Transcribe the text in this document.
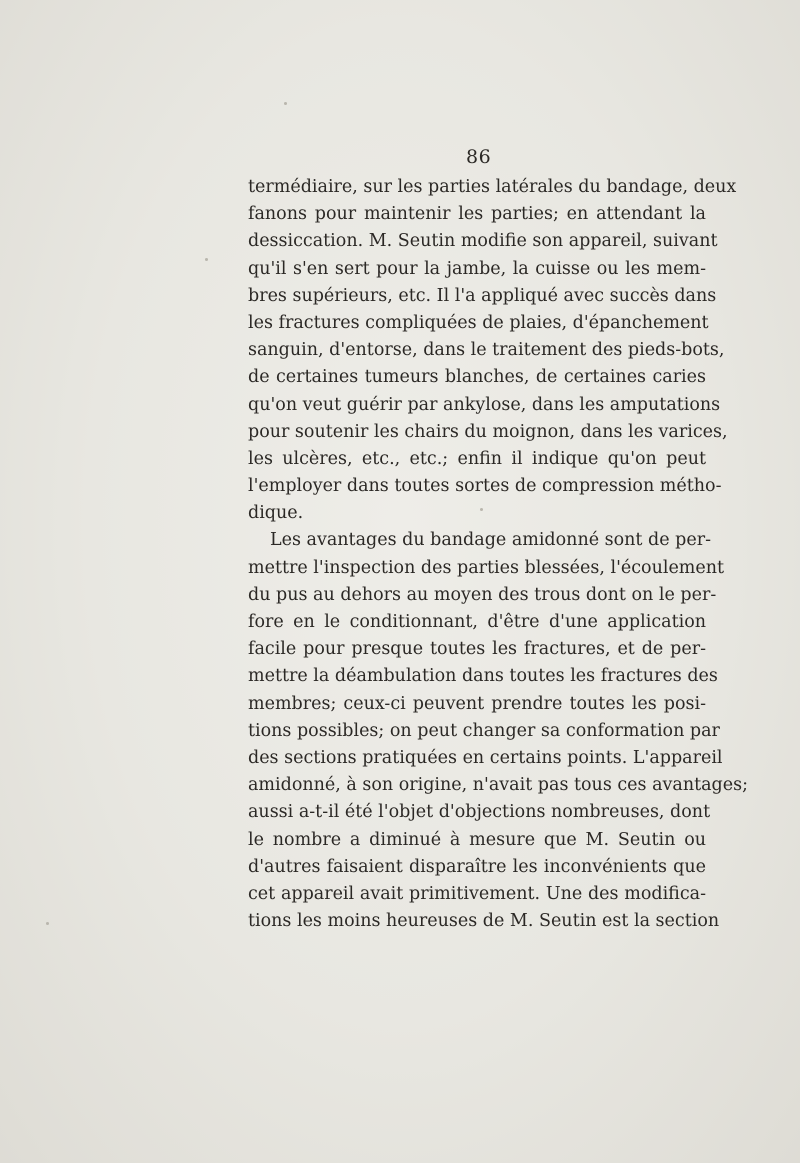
86
termédiaire, sur les parties latérales du bandage, deux
fanons pour maintenir les parties; en attendant la
dessiccation. M. Seutin modifie son appareil, suivant
qu'il s'en sert pour la jambe, la cuisse ou les mem-
bres supérieurs, etc. Il l'a appliqué avec succès dans
les fractures compliquées de plaies, d'épanchement
sanguin, d'entorse, dans le traitement des pieds-bots,
de certaines tumeurs blanches, de certaines caries
qu'on veut guérir par ankylose, dans les amputations
pour soutenir les chairs du moignon, dans les varices,
les ulcères, etc., etc.; enfin il indique qu'on peut
l'employer dans toutes sortes de compression métho-
dique.
Les avantages du bandage amidonné sont de per-
mettre l'inspection des parties blessées, l'écoulement
du pus au dehors au moyen des trous dont on le per-
fore en le conditionnant, d'être d'une application
facile pour presque toutes les fractures, et de per-
mettre la déambulation dans toutes les fractures des
membres; ceux-ci peuvent prendre toutes les posi-
tions possibles; on peut changer sa conformation par
des sections pratiquées en certains points. L'appareil
amidonné, à son origine, n'avait pas tous ces avantages;
aussi a-t-il été l'objet d'objections nombreuses, dont
le nombre a diminué à mesure que M. Seutin ou
d'autres faisaient disparaître les inconvénients que
cet appareil avait primitivement. Une des modifica-
tions les moins heureuses de M. Seutin est la section
